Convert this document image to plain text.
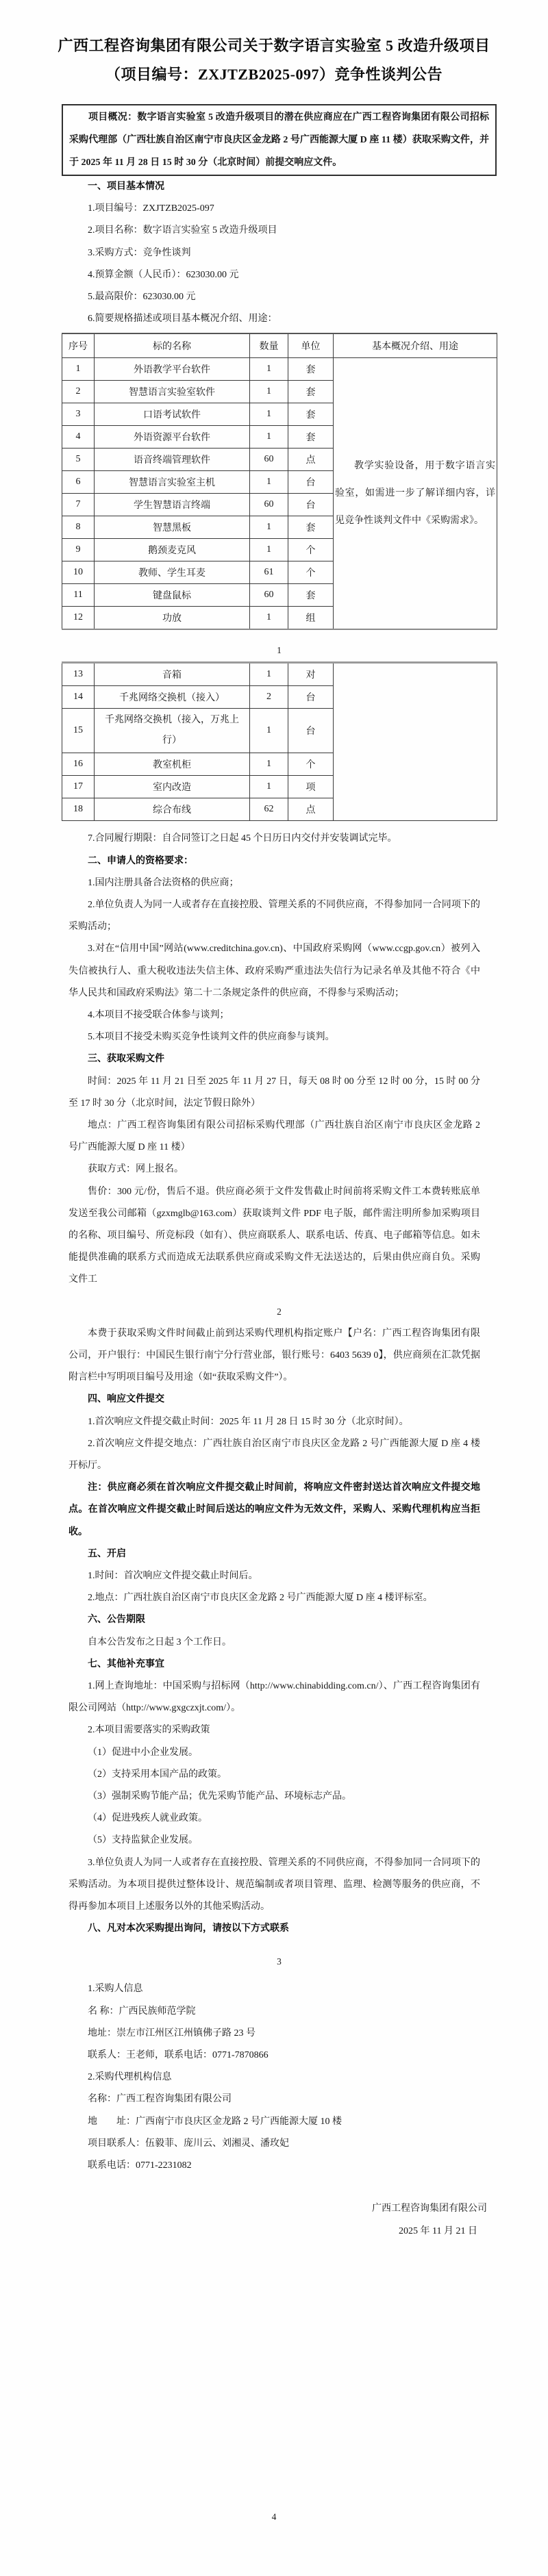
广西工程咨询集团有限公司关于数字语言实验室 5 改造升级项目
（项目编号：ZXJTZB2025-097）竞争性谈判公告

项目概况：数字语言实验室 5 改造升级项目的潜在供应商应在广西工程咨询集团有限公司招标采购代理部（广西壮族自治区南宁市良庆区金龙路 2 号广西能源大厦 D 座 11 楼）获取采购文件，并于 2025 年 11 月 28 日 15 时 30 分（北京时间）前提交响应文件。

一、项目基本情况

1.项目编号：ZXJTZB2025-097

2.项目名称：数字语言实验室 5 改造升级项目

3.采购方式：竞争性谈判

4.预算金额（人民币）：623030.00 元

5.最高限价：623030.00 元

6.简要规格描述或项目基本概况介绍、用途：

序号	标的名称	数量	单位	基本概况介绍、用途
1	外语教学平台软件	1	套	教学实验设备，用于数字语言实验室，如需进一步了解详细内容，详见竞争性谈判文件中《采购需求》。

2	智慧语言实验室软件	1	套	
3	口语考试软件	1	套	
4	外语资源平台软件	1	套	
5	语音终端管理软件	60	点	
6	智慧语言实验室主机	1	台	
7	学生智慧语言终端	60	台	
8	智慧黑板	1	套	
9	鹅颈麦克风	1	个	
10	教师、学生耳麦	61	个	
11	键盘鼠标	60	套	
12	功放	1	组	
1
13	音箱	1	对	
14	千兆网络交换机（接入）	2	台	
15	千兆网络交换机（接入，万兆上行）	1	台	
16	教室机柜	1	个	
17	室内改造	1	项	
18	综合布线	62	点	

7.合同履行期限：自合同签订之日起 45 个日历日内交付并安装调试完毕。

二、申请人的资格要求：

1.国内注册具备合法资格的供应商；

2.单位负责人为同一人或者存在直接控股、管理关系的不同供应商，不得参加同一合同项下的采购活动；

3.对在“信用中国”网站(www.creditchina.gov.cn)、中国政府采购网（www.ccgp.gov.cn）被列入失信被执行人、重大税收违法失信主体、政府采购严重违法失信行为记录名单及其他不符合《中华人民共和国政府采购法》第二十二条规定条件的供应商，不得参与采购活动；

4.本项目不接受联合体参与谈判；

5.本项目不接受未购买竞争性谈判文件的供应商参与谈判。

三、获取采购文件

时间：2025 年 11 月 21 日至 2025 年 11 月 27 日，每天 08 时 00 分至 12 时 00 分，15 时 00 分至 17 时 30 分（北京时间，法定节假日除外）

地点：广西工程咨询集团有限公司招标采购代理部（广西壮族自治区南宁市良庆区金龙路 2 号广西能源大厦 D 座 11 楼）

获取方式：网上报名。

售价：300 元/份，售后不退。供应商必须于文件发售截止时间前将采购文件工本费转账底单发送至我公司邮箱（gzxmglb@163.com）获取谈判文件 PDF 电子版，邮件需注明所参加采购项目的名称、项目编号、所竞标段（如有）、供应商联系人、联系电话、传真、电子邮箱等信息。如未能提供准确的联系方式而造成无法联系供应商或采购文件无法送达的，后果由供应商自负。采购文件工

2

本费于获取采购文件时间截止前到达采购代理机构指定账户【户名：广西工程咨询集团有限公司，开户银行：中国民生银行南宁分行营业部，银行账号：6403 5639 0】，供应商须在汇款凭据附言栏中写明项目编号及用途（如“获取采购文件”）。

四、响应文件提交

1.首次响应文件提交截止时间：2025 年 11 月 28 日 15 时 30 分（北京时间）。

2.首次响应文件提交地点：广西壮族自治区南宁市良庆区金龙路 2 号广西能源大厦 D 座 4 楼开标厅。

注：供应商必须在首次响应文件提交截止时间前，将响应文件密封送达首次响应文件提交地点。在首次响应文件提交截止时间后送达的响应文件为无效文件，采购人、采购代理机构应当拒收。

五、开启

1.时间：首次响应文件提交截止时间后。

2.地点：广西壮族自治区南宁市良庆区金龙路 2 号广西能源大厦 D 座 4 楼评标室。

六、公告期限

自本公告发布之日起 3 个工作日。

七、其他补充事宜

1.网上查询地址：中国采购与招标网（http://www.chinabidding.com.cn/）、广西工程咨询集团有限公司网站（http://www.gxgczxjt.com/）。

2.本项目需要落实的采购政策

（1）促进中小企业发展。

（2）支持采用本国产品的政策。

（3）强制采购节能产品；优先采购节能产品、环境标志产品。

（4）促进残疾人就业政策。

（5）支持监狱企业发展。

3.单位负责人为同一人或者存在直接控股、管理关系的不同供应商，不得参加同一合同项下的采购活动。为本项目提供过整体设计、规范编制或者项目管理、监理、检测等服务的供应商，不得再参加本项目上述服务以外的其他采购活动。

八、凡对本次采购提出询问，请按以下方式联系

3

1.采购人信息

名 称：广西民族师范学院

地址：崇左市江州区江州镇佛子路 23 号

联系人：王老师，联系电话：0771-7870866

2.采购代理机构信息

名称：广西工程咨询集团有限公司

地　　址：广西南宁市良庆区金龙路 2 号广西能源大厦 10 楼

项目联系人：伍毅菲、庞川云、刘湘灵、潘玫妃

联系电话：0771-2231082

广西工程咨询集团有限公司
2025 年 11 月 21 日
4
